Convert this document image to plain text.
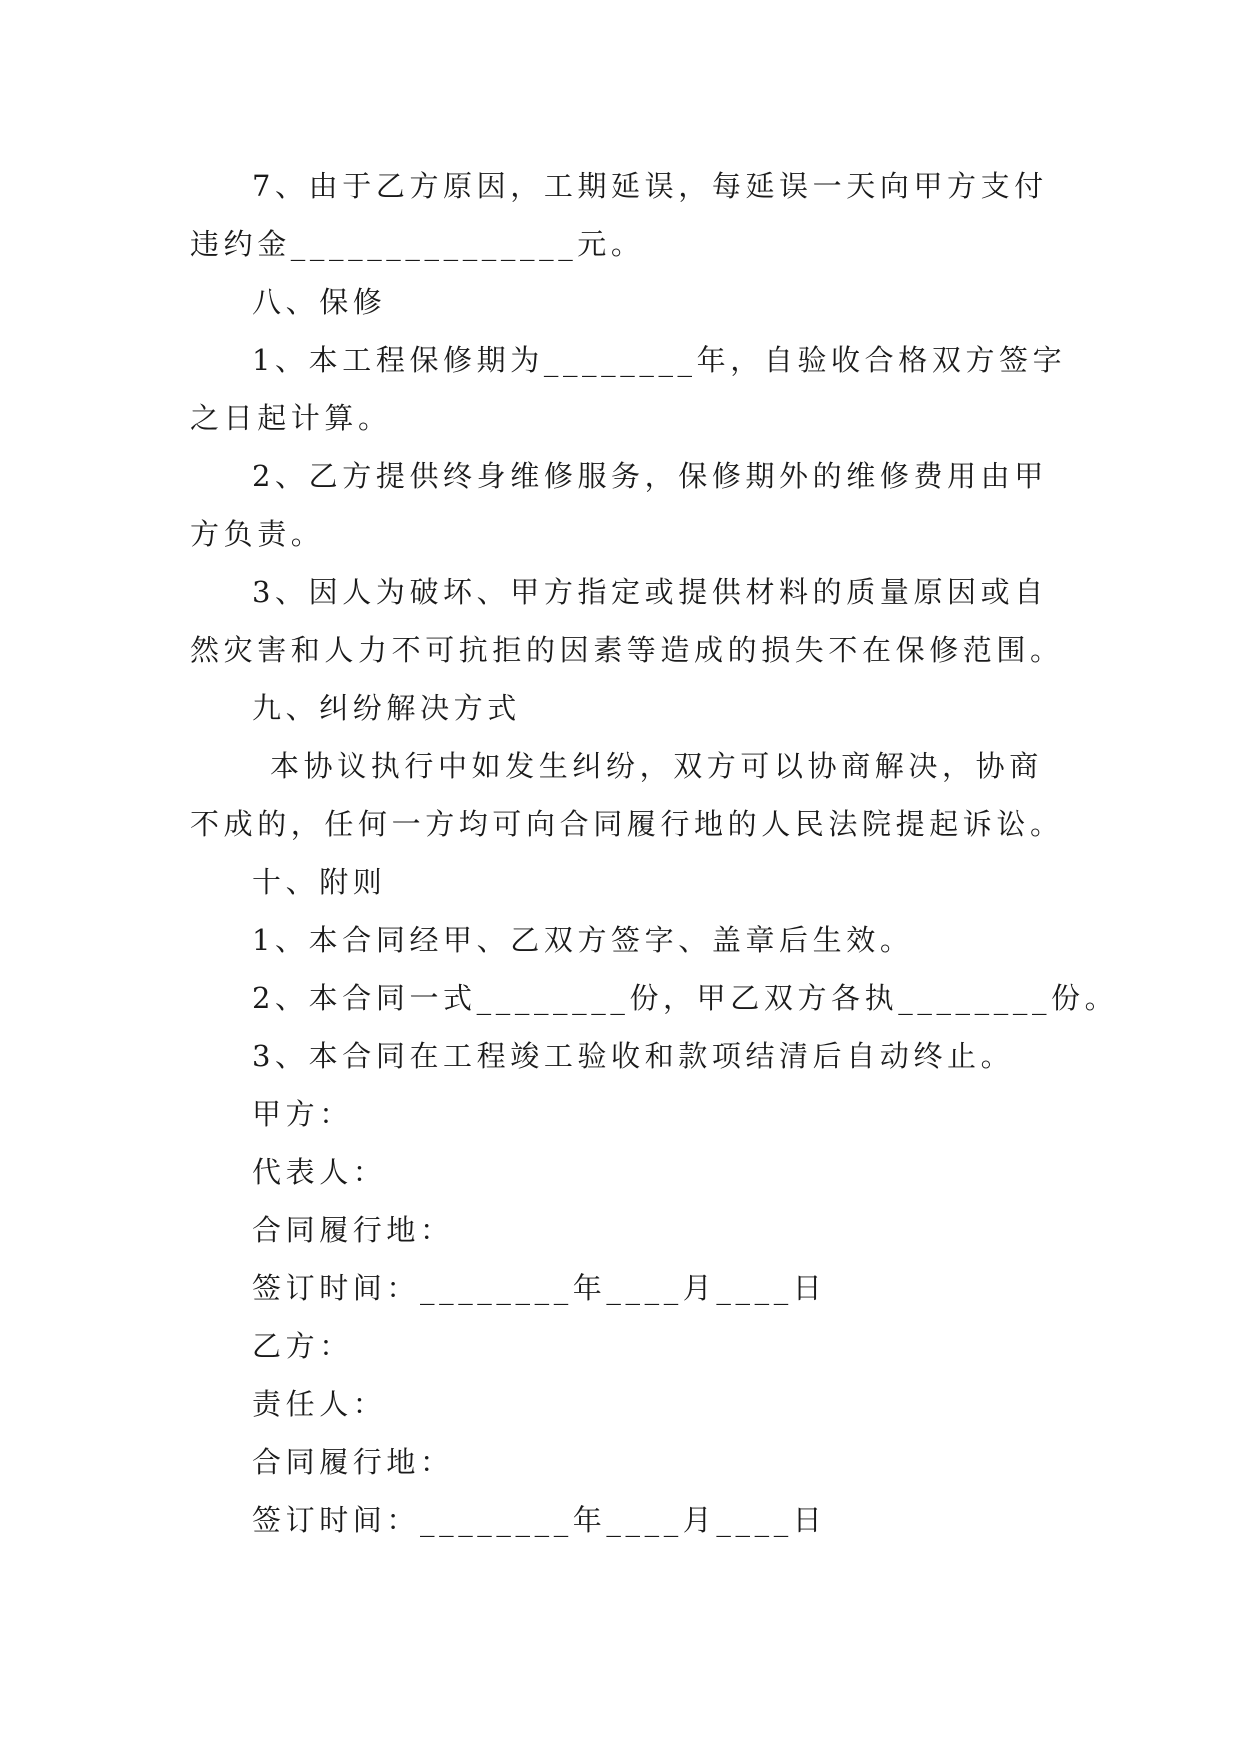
7、由于乙方原因，工期延误，每延误一天向甲方支付
违约金_______________元。
八、保修
1、本工程保修期为________年，自验收合格双方签字
之日起计算。
2、乙方提供终身维修服务，保修期外的维修费用由甲
方负责。
3、因人为破坏、甲方指定或提供材料的质量原因或自
然灾害和人力不可抗拒的因素等造成的损失不在保修范围。
九、纠纷解决方式
本协议执行中如发生纠纷，双方可以协商解决，协商
不成的，任何一方均可向合同履行地的人民法院提起诉讼。
十、附则
1、本合同经甲、乙双方签字、盖章后生效。
2、本合同一式________份，甲乙双方各执________份。
3、本合同在工程竣工验收和款项结清后自动终止。
甲方：
代表人：
合同履行地：
签订时间：________年____月____日
乙方：
责任人：
合同履行地：
签订时间：________年____月____日
